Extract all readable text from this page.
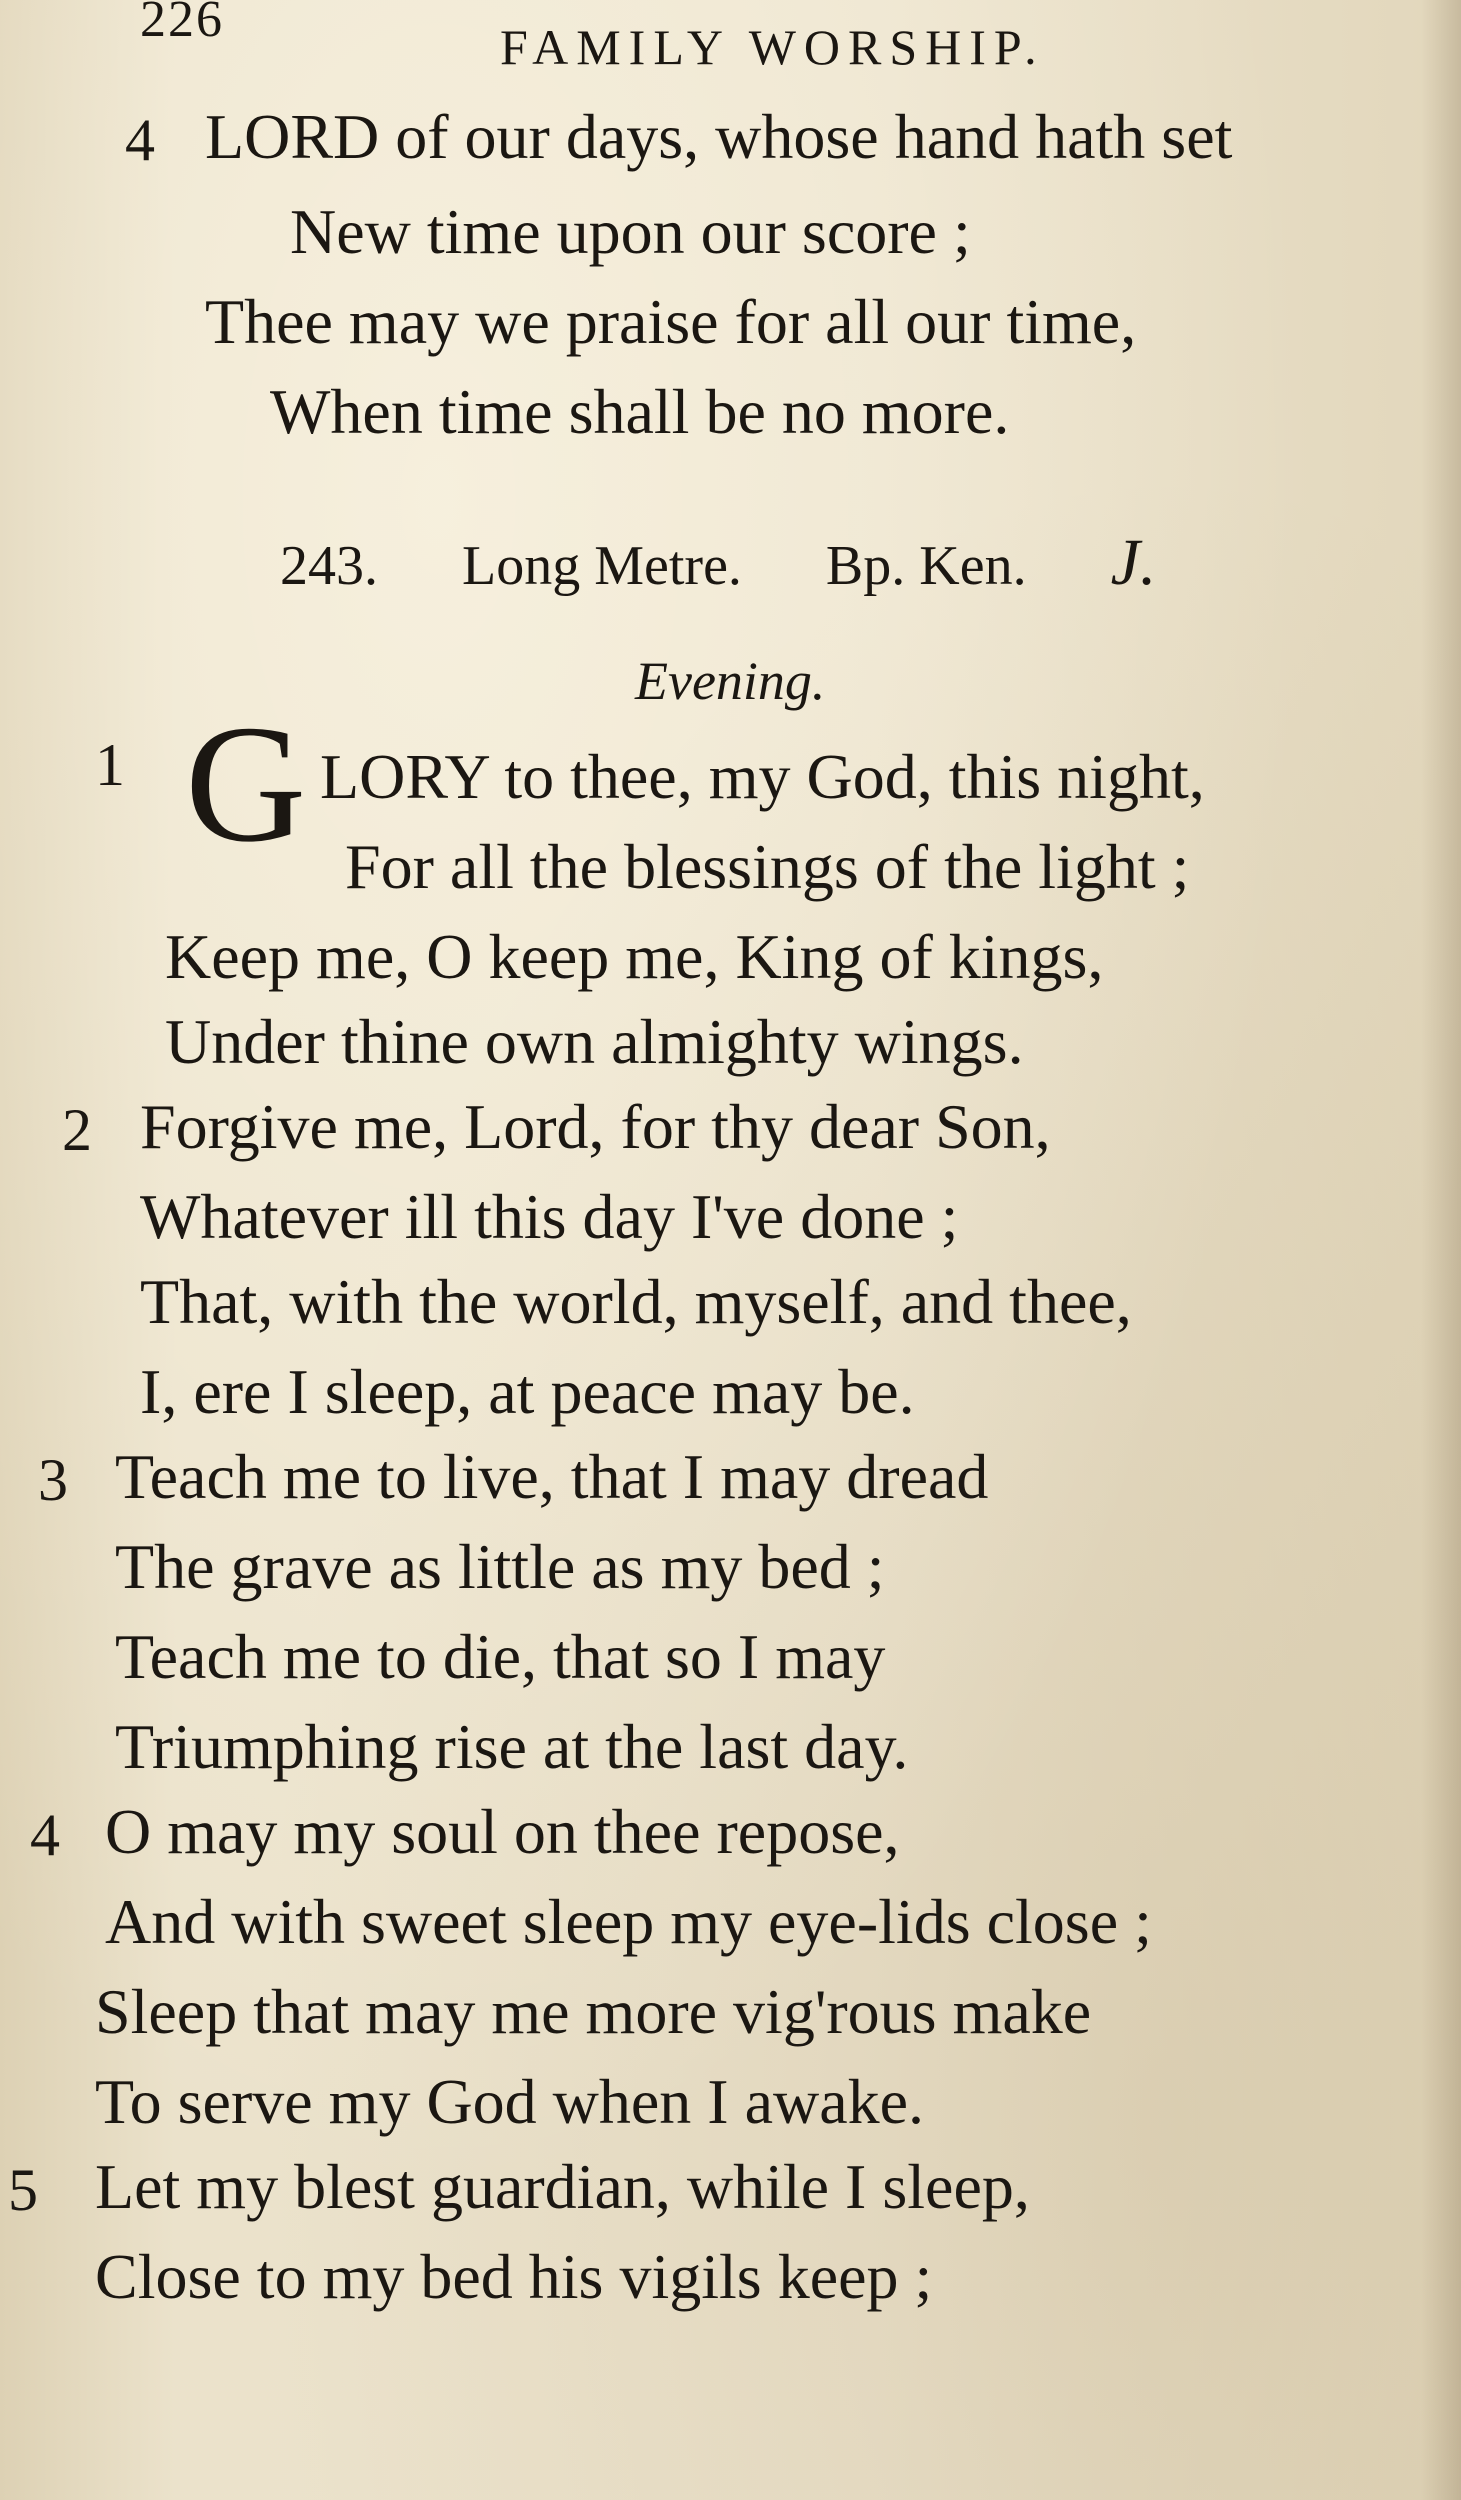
226	FAMILY WORSHIP.
4 LORD of our days, whose hand hath set
New time upon our score ;
Thee may we praise for all our time,
When time shall be no more.
243. Long Metre. Bp. Ken. J.
Evening.
1 G LORY to thee, my God, this night,
For all the blessings of the light ;
Keep me, O keep me, King of kings,
Under thine own almighty wings.
2 Forgive me, Lord, for thy dear Son,
Whatever ill this day I've done ;
That, with the world, myself, and thee,
I, ere I sleep, at peace may be.
3 Teach me to live, that I may dread
The grave as little as my bed ;
Teach me to die, that so I may
Triumphing rise at the last day.
4 O may my soul on thee repose,
And with sweet sleep my eye-lids close ;
Sleep that may me more vig'rous make
To serve my God when I awake.
5 Let my blest guardian, while I sleep,
Close to my bed his vigils keep ;
